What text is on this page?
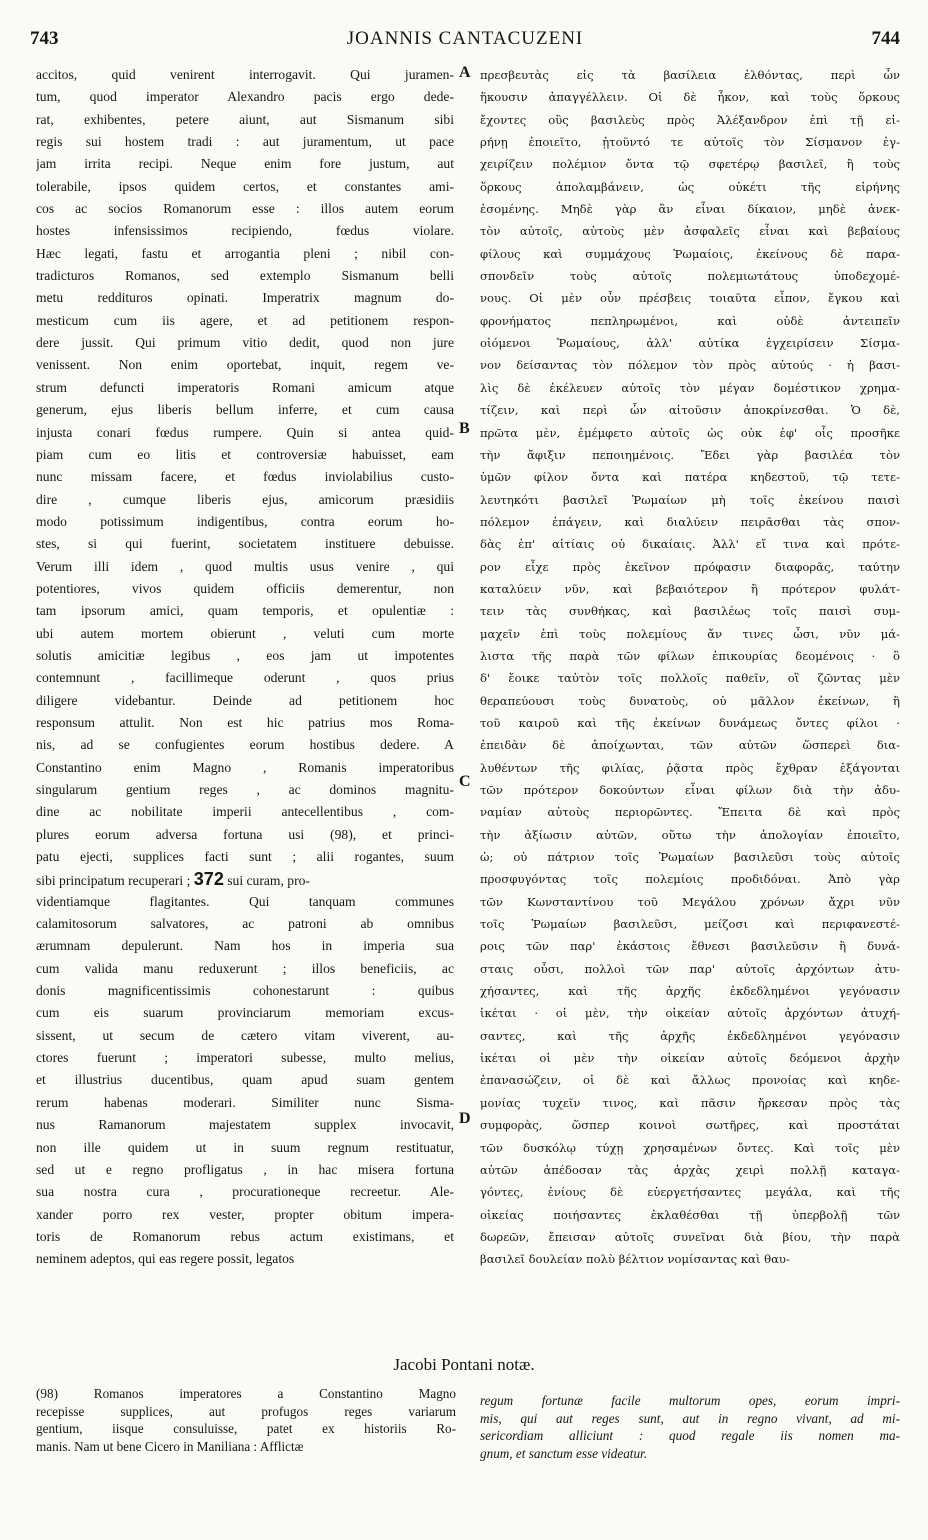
743	JOANNIS CANTACUZENI	744
accitos, quid venirent interrogavit. Qui juramen-
tum, quod imperator Alexandro pacis ergo dede-
rat, exhibentes, petere aiunt, aut Sismanum sibi
regis sui hostem tradi : aut juramentum, ut pace
jam irrita recipi. Neque enim fore justum, aut
tolerabile, ipsos quidem certos, et constantes ami-
cos ac socios Romanorum esse : illos autem eorum
hostes infensissimos recipiendo, fœdus violare.
Hæc legati, fastu et arrogantia pleni ; nibil con-
tradicturos Romanos, sed extemplo Sismanum belli
metu reddituros opinati. Imperatrix magnum do-
mesticum cum iis agere, et ad petitionem respon-
dere jussit. Qui primum vitio dedit, quod non jure
venissent. Non enim oportebat, inquit, regem ve-
strum defuncti imperatoris Romani amicum atque
generum, ejus liberis bellum inferre, et cum causa
injusta conari fœdus rumpere. Quin si antea quid-
piam cum eo litis et controversiæ habuisset, eam
nunc missam facere, et fœdus inviolabilius custo-
dire , cumque liberis ejus, amicorum præsidiis
modo potissimum indigentibus, contra eorum ho-
stes, si qui fuerint, societatem instituere debuisse.
Verum illi idem , quod multis usus venire , qui
potentiores, vivos quidem officiis demerentur, non
tam ipsorum amici, quam temporis, et opulentiæ :
ubi autem mortem obierunt , veluti cum morte
solutis amicitiæ legibus , eos jam ut impotentes
contemnunt , facillimeque oderunt , quos prius
diligere videbantur. Deinde ad petitionem hoc
responsum attulit. Non est hic patrius mos Roma-
nis, ad se confugientes eorum hostibus dedere. A
Constantino enim Magno , Romanis imperatoribus
singularum gentium reges , ac dominos magnitu-
dine ac nobilitate imperii antecellentibus , com-
plures eorum adversa fortuna usi (98), et princi-
patu ejecti, supplices facti sunt ; alii rogantes, suum
sibi principatum recuperari ; 372 sui curam, pro-
videntiamque flagitantes. Qui tanquam communes
calamitosorum salvatores, ac patroni ab omnibus
ærumnam depulerunt. Nam hos in imperia sua
cum valida manu reduxerunt ; illos beneficiis, ac
donis magnificentissimis cohonestarunt : quibus
cum eis suarum provinciarum memoriam excus-
sissent, ut secum de cætero vitam viverent, au-
ctores fuerunt ; imperatori subesse, multo melius,
et illustrius ducentibus, quam apud suam gentem
rerum habenas moderari. Similiter nunc Sisma-
nus Ramanorum majestatem supplex invocavit,
non ille quidem ut in suum regnum restituatur,
sed ut e regno profligatus , in hac misera fortuna
sua nostra cura , procurationeque recreetur. Ale-
xander porro rex vester, propter obitum impera-
toris de Romanorum rebus actum existimans, et
neminem adeptos, qui eas regere possit, legatos
πρεσβευτὰς εἰς τὰ βασίλεια ἐλθόντας, περὶ ὧν
ἥκουσιν ἀπαγγέλλειν. Οἱ δὲ ἧκον, καὶ τοὺς ὅρκους
ἔχοντες οὓς βασιλεὺς πρὸς Ἀλέξανδρον ἐπὶ τῇ εἰ-
ρήνῃ ἐποιεῖτο, ᾐτοῦντό τε αὐτοῖς τὸν Σίσμανον ἐγ-
χειρίζειν πολέμιον ὄντα τῷ σφετέρῳ βασιλεῖ, ἢ τοὺς
ὅρκους ἀπολαμβάνειν, ὡς οὐκέτι τῆς εἰρήνης
ἐσομένης. Μηδὲ γὰρ ἂν εἶναι δίκαιον, μηδὲ ἀνεκ-
τὸν αὐτοῖς, αὐτοὺς μὲν ἀσφαλεῖς εἶναι καὶ βεβαίους
φίλους καὶ συμμάχους Ῥωμαίοις, ἐκείνους δὲ παρα-
σπονδεῖν τοὺς αὐτοῖς πολεμιωτάτους ὑποδεχομέ-
νους. Οἱ μὲν οὖν πρέσβεις τοιαῦτα εἶπον, ἔγκου καὶ
φρονήματος πεπληρωμένοι, καὶ οὐδὲ ἀντειπεῖν
οἰόμενοι Ῥωμαίους, ἀλλ' αὐτίκα ἐγχειρίσειν Σίσμα-
νον δείσαντας τὸν πόλεμον τὸν πρὸς αὐτούς · ἡ βασι-
λὶς δὲ ἐκέλευεν αὐτοῖς τὸν μέγαν δομέστικον χρημα-
τίζειν, καὶ περὶ ὧν αἰτοῦσιν ἀποκρίνεσθαι. Ὁ δὲ,
πρῶτα μὲν, ἐμέμφετο αὐτοῖς ὡς οὐκ ἐφ' οἷς προσῆκε
τὴν ἄφιξιν πεποιημένοις. Ἔδει γὰρ βασιλέα τὸν
ὑμῶν φίλον ὄντα καὶ πατέρα κηδεστοῦ, τῷ τετε-
λευτηκότι βασιλεῖ Ῥωμαίων μὴ τοῖς ἐκείνου παισὶ
πόλεμον ἐπάγειν, καὶ διαλύειν πειρᾶσθαι τὰς σπον-
δὰς ἐπ' αἰτίαις οὐ δικαίαις. Ἀλλ' εἴ τινα καὶ πρότε-
ρον εἶχε πρὸς ἐκεῖνον πρόφασιν διαφορᾶς, ταύτην
καταλύειν νῦν, καὶ βεβαιότερον ἢ πρότερον φυλάτ-
τειν τὰς συνθήκας, καὶ βασιλέως τοῖς παισὶ συμ-
μαχεῖν ἐπὶ τοὺς πολεμίους ἄν τινες ὦσι, νῦν μά-
λιστα τῆς παρὰ τῶν φίλων ἐπικουρίας δεομένοις · ὃ
δ' ἔοικε ταὐτὸν τοῖς πολλοῖς παθεῖν, οἳ ζῶντας μὲν
θεραπεύουσι τοὺς δυνατοὺς, οὐ μᾶλλον ἐκείνων, ἢ
τοῦ καιροῦ καὶ τῆς ἐκείνων δυνάμεως ὄντες φίλοι ·
ἐπειδὰν δὲ ἀποίχωνται, τῶν αὐτῶν ὥσπερεὶ δια-
λυθέντων τῆς φιλίας, ῥᾷστα πρὸς ἔχθραν ἐξάγονται
τῶν πρότερον δοκούντων εἶναι φίλων διὰ τὴν ἀδυ-
ναμίαν αὐτοὺς περιορῶντες. Ἔπειτα δὲ καὶ πρὸς
τὴν ἀξίωσιν αὐτῶν, οὕτω τὴν ἀπολογίαν ἐποιεῖτο,
ὡ; οὐ πάτριον τοῖς Ῥωμαίων βασιλεῦσι τοὺς αὐτοῖς
προσφυγόντας τοῖς πολεμίοις προδιδόναι. Ἀπὸ γὰρ
τῶν Κωνσταντίνου τοῦ Μεγάλου χρόνων ἄχρι νῦν
τοῖς Ῥωμαίων βασιλεῦσι, μείζοσι καὶ περιφανεστέ-
ροις τῶν παρ' ἑκάστοις ἔθνεσι βασιλεῦσιν ἢ δυνά-
σταις οὖσι, πολλοὶ τῶν παρ' αὐτοῖς ἀρχόντων ἀτυ-
χήσαντες, καὶ τῆς ἀρχῆς ἐκδεδλημένοι γεγόνασιν
ἱκέται · οἱ μὲν, τὴν οἰκείαν αὐτοῖς ἀρχόντων ἀτυχή-
σαντες, καὶ τῆς ἀρχῆς ἐκδεδλημένοι γεγόνασιν
ἱκέται οἱ μὲν τὴν οἰκείαν αὐτοῖς δεόμενοι ἀρχὴν
ἐπανασώζειν, οἱ δὲ καὶ ἄλλως προνοίας καὶ κηδε-
μονίας τυχεῖν τινος, καὶ πᾶσιν ἤρκεσαν πρὸς τὰς
συμφορὰς, ὥσπερ κοινοὶ σωτῆρες, καὶ προστάται
τῶν δυσκόλῳ τύχῃ χρησαμένων ὄντες. Καὶ τοῖς μὲν
αὐτῶν ἀπέδοσαν τὰς ἀρχὰς χειρὶ πολλῇ καταγα-
γόντες, ἐνίους δὲ εὐεργετήσαντες μεγάλα, καὶ τῆς
οἰκείας ποιήσαντες ἐκλαθέσθαι τῇ ὑπερβολῇ τῶν
δωρεῶν, ἔπεισαν αὐτοῖς συνεῖναι διὰ βίου, τὴν παρὰ
βασιλεῖ δουλείαν πολὺ βέλτιον νομίσαντας καὶ θαυ-
A
B
C
D
Jacobi Pontani notæ.
(98) Romanos imperatores a Constantino Magno
recepisse supplices, aut profugos reges variarum
gentium, iisque consuluisse, patet ex historiis Ro-
manis. Nam ut bene Cicero in Maniliana : Afflictæ
regum fortunæ facile multorum opes, eorum impri-
mis, qui aut reges sunt, aut in regno vivant, ad mi-
sericordiam alliciunt : quod regale iis nomen ma-
gnum, et sanctum esse videatur.
